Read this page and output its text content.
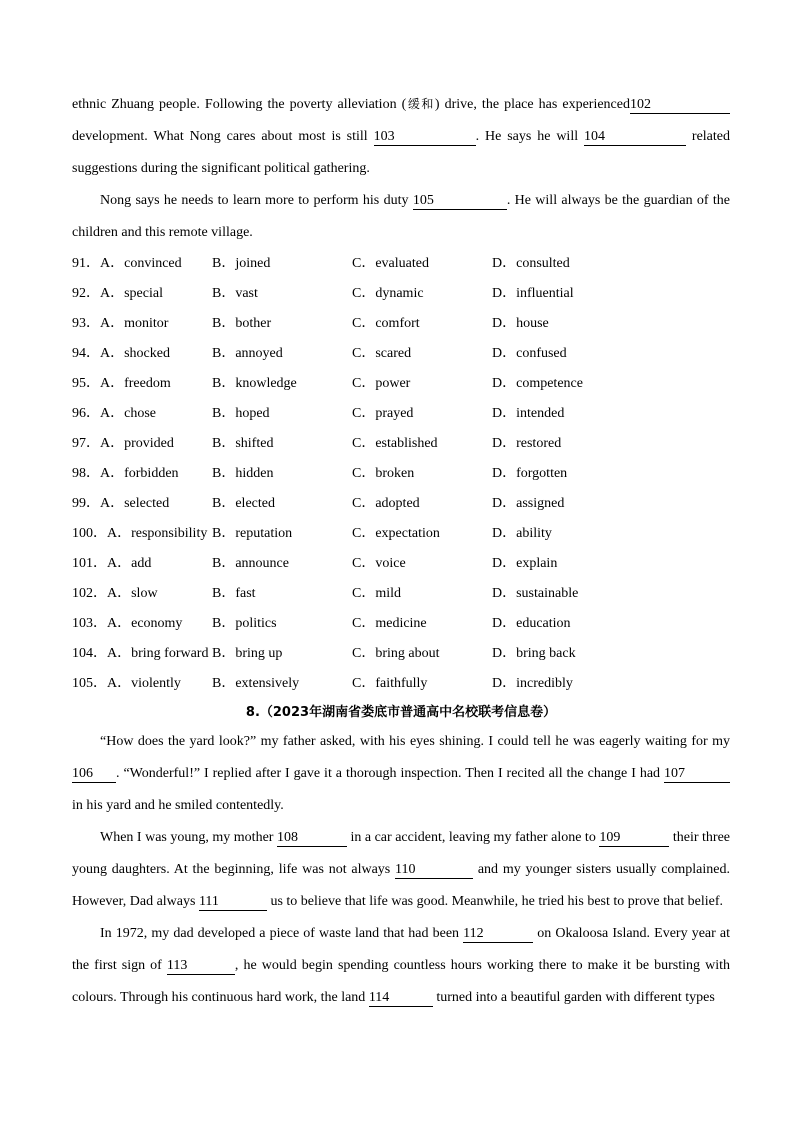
ethnic Zhuang people. Following the poverty alleviation (缓和) drive, the place has experienced102development. What Nong cares about most is still 103	. He says he will 104	related suggestions during the significant political gathering.

Nong says he needs to learn more to perform his duty 105	. He will always be the guardian of the children and this remote village.

91．A．convinced	B．joined	C．evaluated	D．consulted
92．A．special	B．vast	C．dynamic	D．influential
93．A．monitor	B．bother	C．comfort	D．house
94．A．shocked	B．annoyed	C．scared	D．confused
95．A．freedom	B．knowledge	C．power	D．competence
96．A．chose	B．hoped	C．prayed	D．intended
97．A．provided	B．shifted	C．established	D．restored
98．A．forbidden	B．hidden	C．broken	D．forgotten
99．A．selected	B．elected	C．adopted	D．assigned
100．A．responsibility B．reputation	C．expectation	D．ability
101．A．add	B．announce	C．voice	D．explain
102．A．slow	B．fast	C．mild	D．sustainable
103．A．economy	B．politics	C．medicine	D．education
104．A．bring forward B．bring up	C．bring about	D．bring back
105．A．violently	B．extensively	C．faithfully	D．incredibly
8.（2023年湖南省娄底市普通高中名校联考信息卷）

“How does the yard look?” my father asked, with his eyes shining. I could tell he was eagerly waiting for my 106 . “Wonderful!” I replied after I gave it a thorough inspection. Then I recited all the change I had 107 in his yard and he smiled contentedly.

When I was young, my mother 108	in a car accident, leaving my father alone to 109	their three young daughters. At the beginning, life was not always 110	and my younger sisters usually complained. However, Dad always 111	us to believe that life was good. Meanwhile, he tried his best to prove that belief.

In 1972, my dad developed a piece of waste land that had been 112	on Okaloosa Island. Every year at the first sign of 113	, he would begin spending countless hours working there to make it be bursting with colours. Through his continuous hard work, the land 114	turned into a beautiful garden with different types
